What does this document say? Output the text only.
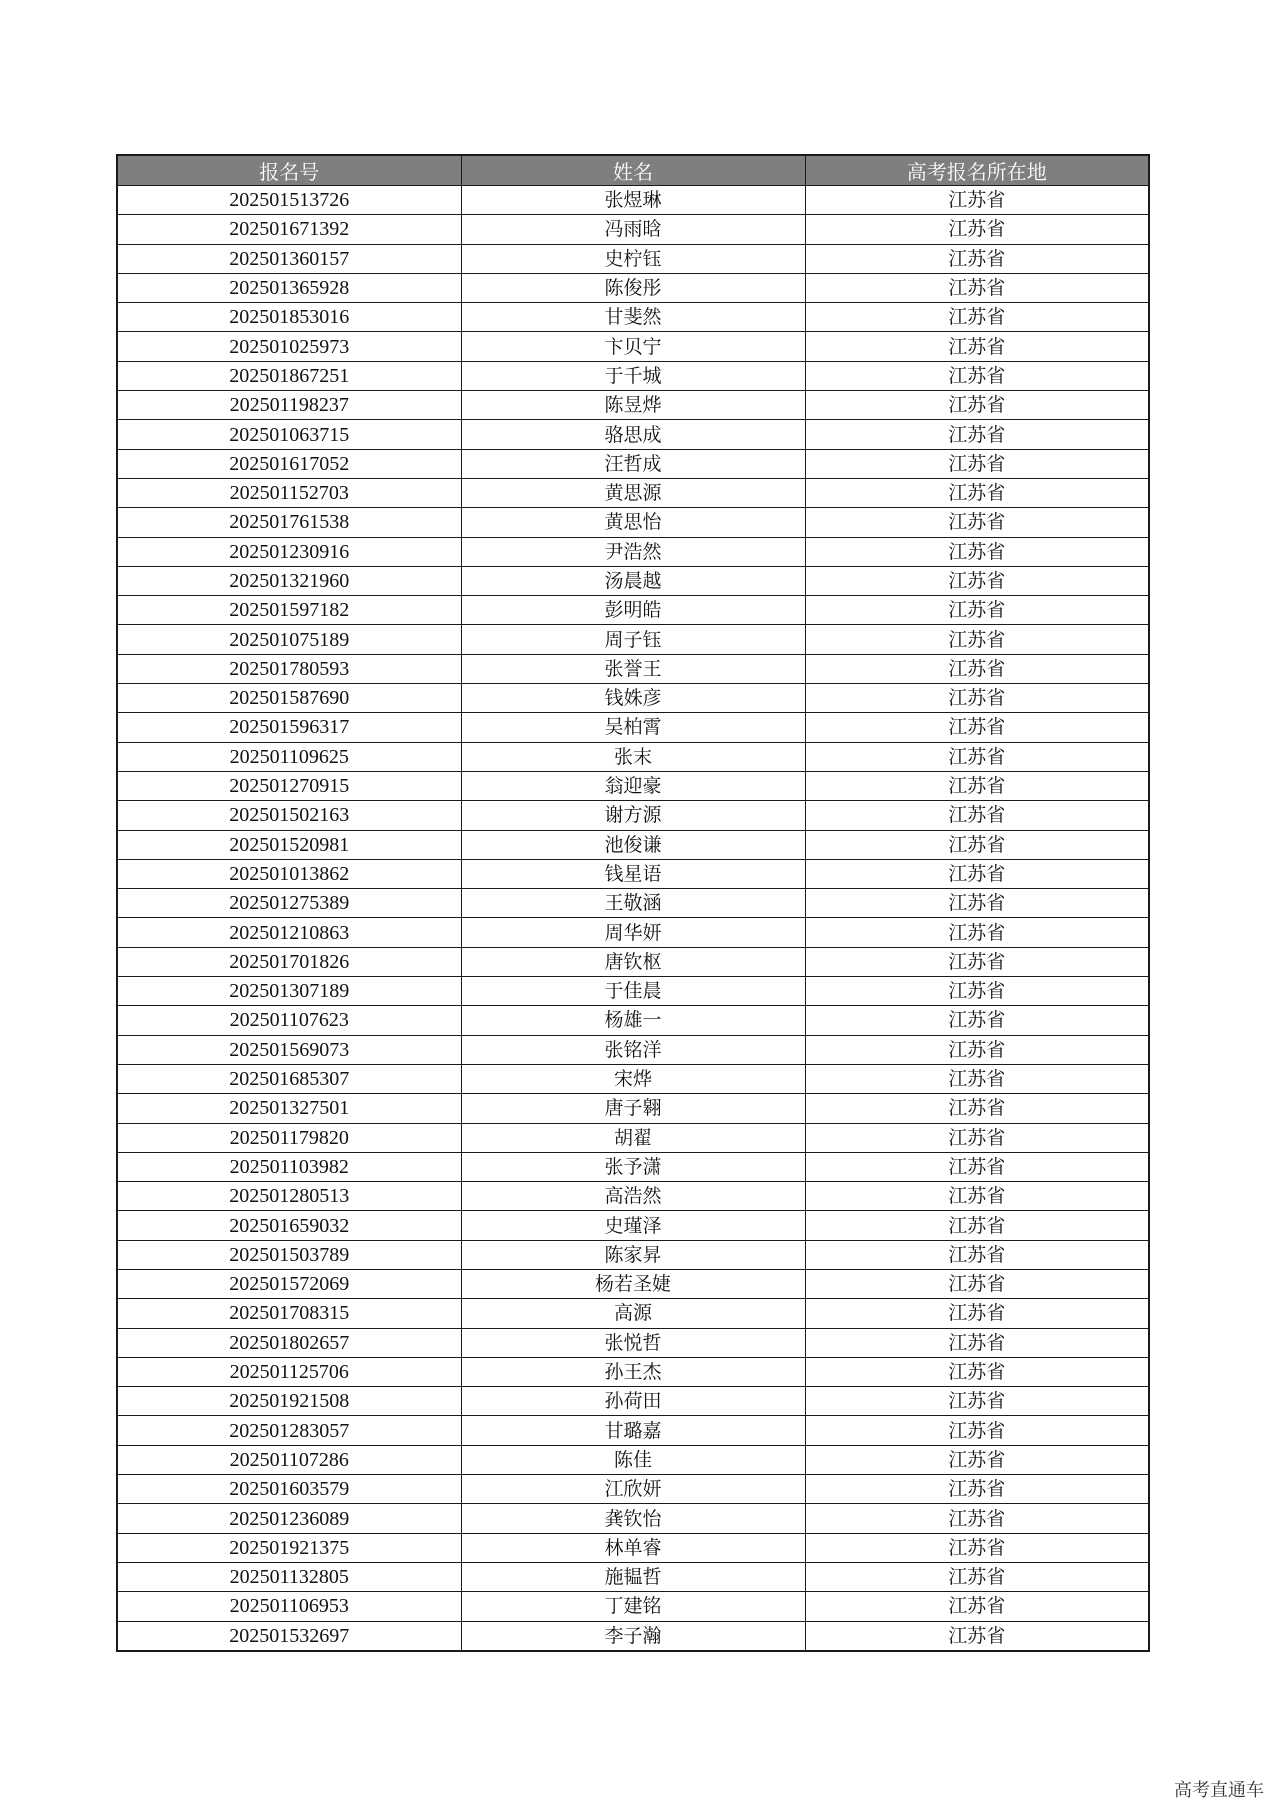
报名号	姓名	高考报名所在地
202501513726	张煜琳	江苏省
202501671392	冯雨晗	江苏省
202501360157	史柠钰	江苏省
202501365928	陈俊彤	江苏省
202501853016	甘斐然	江苏省
202501025973	卞贝宁	江苏省
202501867251	于千城	江苏省
202501198237	陈昱烨	江苏省
202501063715	骆思成	江苏省
202501617052	汪哲成	江苏省
202501152703	黄思源	江苏省
202501761538	黄思怡	江苏省
202501230916	尹浩然	江苏省
202501321960	汤晨越	江苏省
202501597182	彭明皓	江苏省
202501075189	周子钰	江苏省
202501780593	张誉王	江苏省
202501587690	钱姝彦	江苏省
202501596317	吴柏霄	江苏省
202501109625	张末	江苏省
202501270915	翁迎豪	江苏省
202501502163	谢方源	江苏省
202501520981	池俊谦	江苏省
202501013862	钱星语	江苏省
202501275389	王敬涵	江苏省
202501210863	周华妍	江苏省
202501701826	唐钦枢	江苏省
202501307189	于佳晨	江苏省
202501107623	杨雄一	江苏省
202501569073	张铭洋	江苏省
202501685307	宋烨	江苏省
202501327501	唐子翱	江苏省
202501179820	胡翟	江苏省
202501103982	张予潇	江苏省
202501280513	高浩然	江苏省
202501659032	史瑾泽	江苏省
202501503789	陈家昇	江苏省
202501572069	杨若圣婕	江苏省
202501708315	高源	江苏省
202501802657	张悦哲	江苏省
202501125706	孙王杰	江苏省
202501921508	孙荷田	江苏省
202501283057	甘璐嘉	江苏省
202501107286	陈佳	江苏省
202501603579	江欣妍	江苏省
202501236089	龚钦怡	江苏省
202501921375	林单睿	江苏省
202501132805	施韫哲	江苏省
202501106953	丁建铭	江苏省
202501532697	李子瀚	江苏省
高考直通车
